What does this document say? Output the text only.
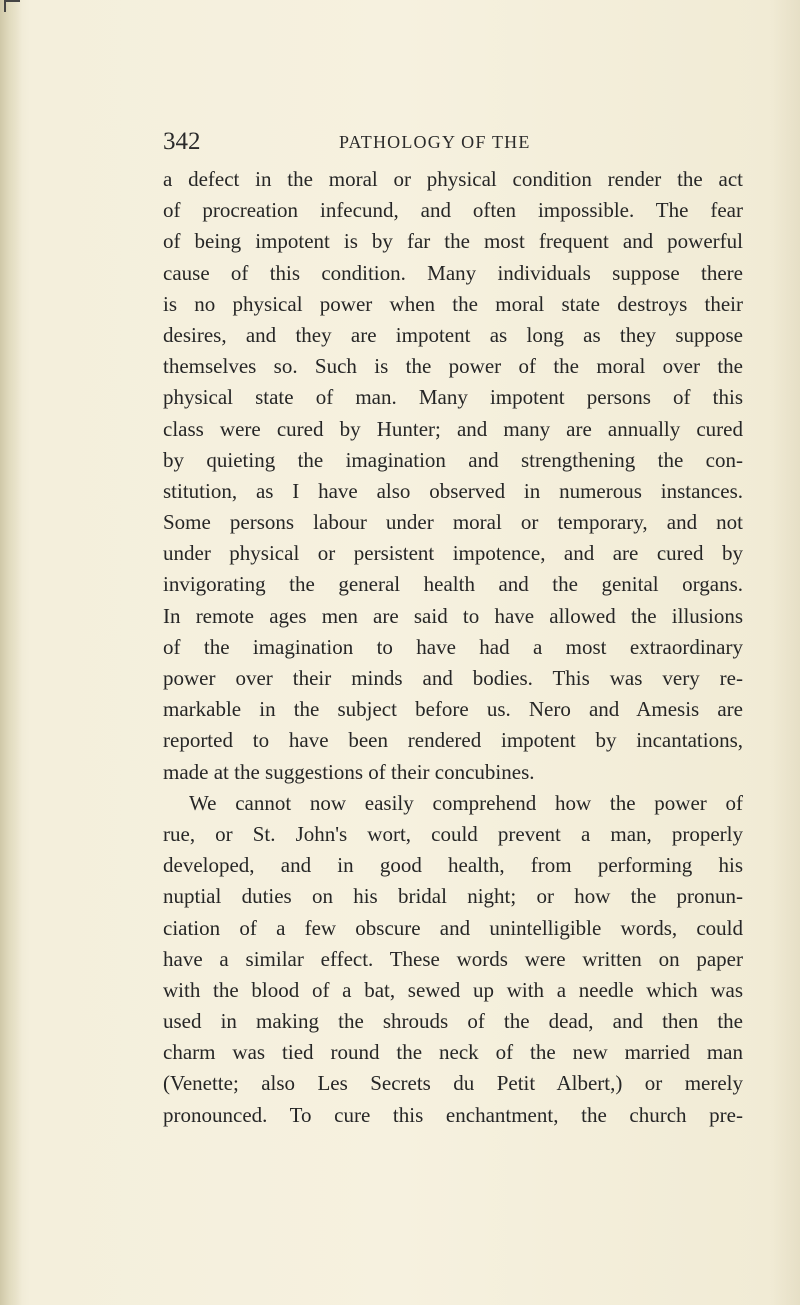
342	PATHOLOGY OF THE
a defect in the moral or physical condition render the act
of procreation infecund, and often impossible. The fear
of being impotent is by far the most frequent and powerful
cause of this condition. Many individuals suppose there
is no physical power when the moral state destroys their
desires, and they are impotent as long as they suppose
themselves so. Such is the power of the moral over the
physical state of man. Many impotent persons of this
class were cured by Hunter; and many are annually cured
by quieting the imagination and strengthening the con-
stitution, as I have also observed in numerous instances.
Some persons labour under moral or temporary, and not
under physical or persistent impotence, and are cured by
invigorating the general health and the genital organs.
In remote ages men are said to have allowed the illusions
of the imagination to have had a most extraordinary
power over their minds and bodies. This was very re-
markable in the subject before us. Nero and Amesis are
reported to have been rendered impotent by incantations,
made at the suggestions of their concubines.
We cannot now easily comprehend how the power of
rue, or St. John's wort, could prevent a man, properly
developed, and in good health, from performing his
nuptial duties on his bridal night; or how the pronun-
ciation of a few obscure and unintelligible words, could
have a similar effect. These words were written on paper
with the blood of a bat, sewed up with a needle which was
used in making the shrouds of the dead, and then the
charm was tied round the neck of the new married man
(Venette; also Les Secrets du Petit Albert,) or merely
pronounced. To cure this enchantment, the church pre-
